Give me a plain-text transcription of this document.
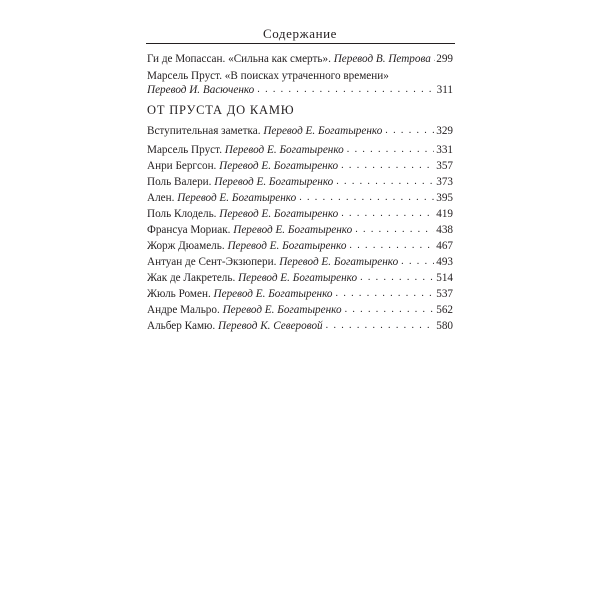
Содержание
Ги де Мопассан. «Сильна как смерть».
Перевод В. Петрова . . . 299
Марсель Пруст. «В поисках утраченного времени»
Перевод И. Васюченко . . .	311
ОТ ПРУСТА ДО КАМЮ
Вступительная заметка.
Перевод Е. Богатыренко . . .	329
Марсель Пруст.
Перевод Е. Богатыренко . . .	331
Анри Бергсон.
Перевод Е. Богатыренко . . .	357
Поль Валери.
Перевод Е. Богатыренко . . .	373
Ален.
Перевод Е. Богатыренко . . .	395
Поль Клодель.
Перевод Е. Богатыренко . . .	419
Франсуа Мориак.
Перевод Е. Богатыренко . . .	438
Жорж Дюамель.
Перевод Е. Богатыренко . . .	467
Антуан де Сент-Экзюпери.
Перевод Е. Богатыренко . . .	493
Жак де Лакретель.
Перевод Е. Богатыренко . . .	514
Жюль Ромен.
Перевод Е. Богатыренко . . .	537
Андре Мальро.
Перевод Е. Богатыренко . . .	562
Альбер Камю.
Перевод К. Северовой . . .	580
